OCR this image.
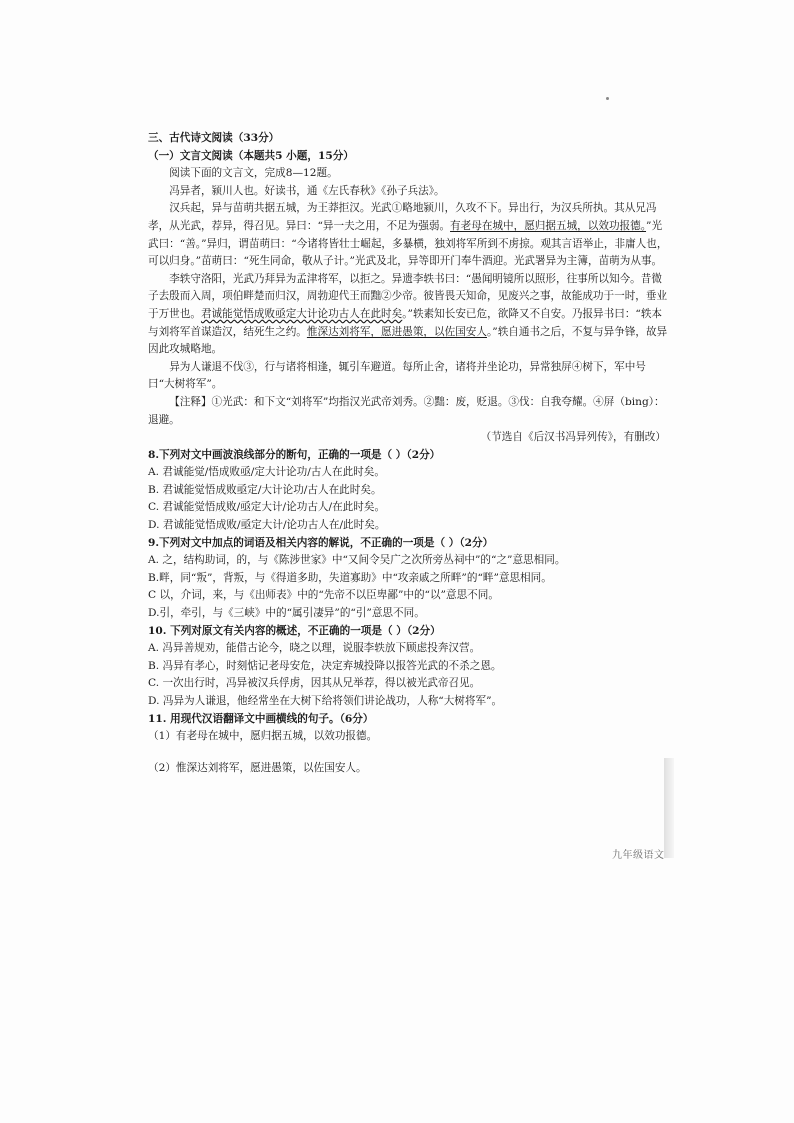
三、古代诗文阅读（33分）

（一）文言文阅读（本题共5 小题，15分）

阅读下面的文言文，完成8—12题。

冯异者，颍川人也。好读书，通《左氏春秋》《孙子兵法》。

汉兵起，异与苗萌共据五城，为王莽拒汉。光武①略地颍川，久攻不下。异出行，为汉兵所执。其从兄冯孝，从光武，荐异，得召见。异曰：“异一夫之用，不足为强弱。有老母在城中，愿归据五城，以效功报德。”光武曰：“善。”异归，谓苗萌曰：“今诸将皆壮士崛起，多暴横，独刘将军所到不虏掠。观其言语举止，非庸人也，可以归身。”苗萌曰：“死生同命，敬从子计。”光武及北，异等即开门奉牛酒迎。光武署异为主簿，苗萌为从事。

李轶守洛阳，光武乃拜异为孟津将军，以拒之。异遗李轶书曰：“愚闻明镜所以照形，往事所以知今。昔微子去殷而入周，项伯畔楚而归汉，周勃迎代王而黜②少帝。彼皆畏天知命，见废兴之事，故能成功于一时，垂业于万世也。君诚能觉悟成败亟定大计论功古人在此时矣。”轶素知长安已危，欲降又不自安。乃报异书曰：“轶本与刘将军首谋造汉，结死生之约。惟深达刘将军，愿进愚策，以佐国安人。”轶自通书之后，不复与异争锋，故异因此攻城略地。

异为人谦退不伐③，行与诸将相逢，辄引车避道。每所止舍，诸将并坐论功，异常独屏④树下，军中号曰“大树将军”。

【注释】①光武：和下文“刘将军”均指汉光武帝刘秀。②黜：废，贬退。③伐：自我夸耀。④屏（bing）：退避。
（节选自《后汉书冯异列传》，有删改）

8.下列对文中画波浪线部分的断句，正确的一项是（ ）（2分）

A. 君诚能觉/悟成败亟/定大计论功/古人在此时矣。

B. 君诚能觉悟成败亟定/大计论功/古人在此时矣。

C. 君诚能觉悟成败/亟定大计/论功古人/在此时矣。

D. 君诚能觉悟成败/亟定大计/论功古人在/此时矣。

9.下列对文中加点的词语及相关内容的解说，不正确的一项是（ ）（2分）

A. 之，结构助词，的，与《陈涉世家》中“又间令吴广之次所旁丛祠中”的“之”意思相同。

B.畔，同“叛”，背叛，与《得道多助，失道寡助》中“攻亲戚之所畔”的“畔”意思相同。

C 以，介词，来，与《出师表》中的“先帝不以臣卑鄙”中的“以”意思不同。

D.引，牵引，与《三峡》中的“属引凄异”的“引”意思不同。

10. 下列对原文有关内容的概述，不正确的一项是（ ）（2分）

A. 冯异善规劝，能借古论今，晓之以理，说服李轶放下顾虑投奔汉营。

B. 冯异有孝心，时刻惦记老母安危，决定弃城投降以报答光武的不杀之恩。

C. 一次出行时，冯异被汉兵俘虏，因其从兄举荐，得以被光武帝召见。

D. 冯异为人谦退，他经常坐在大树下给将领们讲论战功，人称“大树将军”。

11. 用现代汉语翻译文中画横线的句子。（6分）

（1）有老母在城中，愿归据五城，以效功报德。

（2）惟深达刘将军，愿进愚策，以佐国安人。

九年级语文
